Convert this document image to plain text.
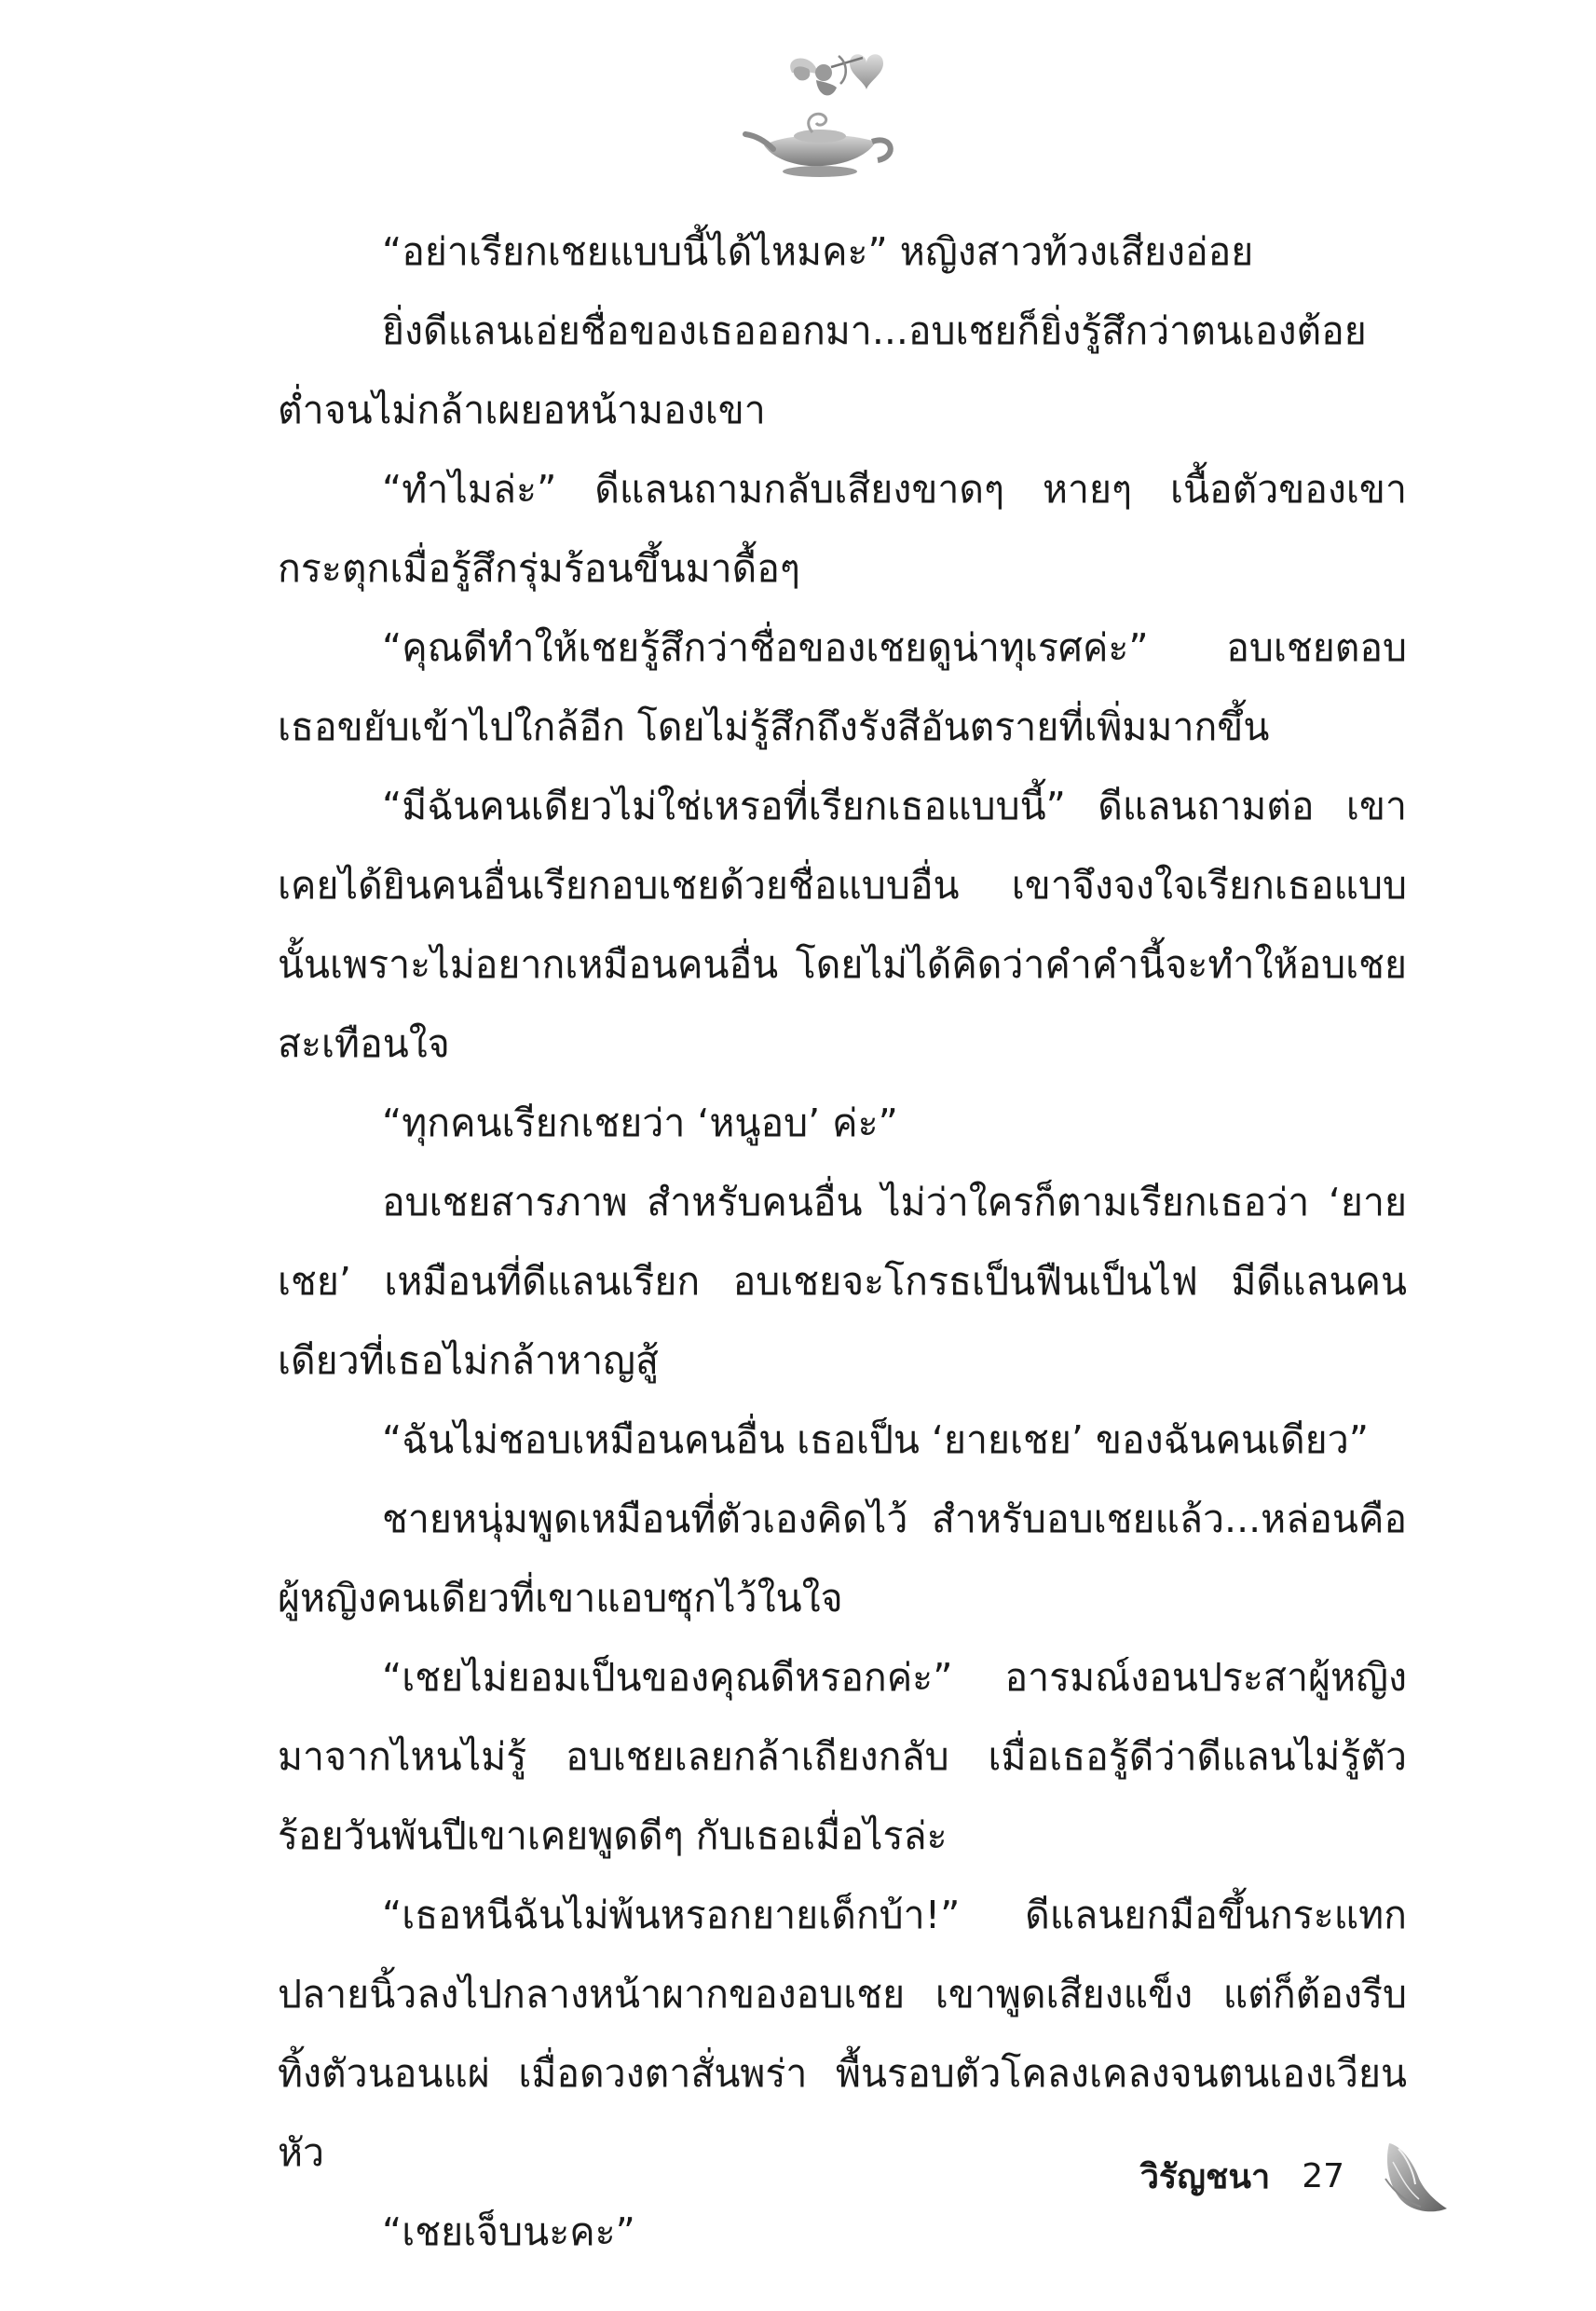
“อย่าเรียกเชยแบบนี้ได้ไหมคะ” หญิงสาวท้วงเสียงอ่อย

ยิ่งดีแลนเอ่ยชื่อของเธอออกมา...อบเชยก็ยิ่งรู้สึกว่าตนเองต้อยต่ำจนไม่กล้าเผยอหน้ามองเขา

“ทำไมล่ะ” ดีแลนถามกลับเสียงขาดๆ หายๆ เนื้อตัวของเขากระตุกเมื่อรู้สึกรุ่มร้อนขึ้นมาดื้อๆ

“คุณดีทำให้เชยรู้สึกว่าชื่อของเชยดูน่าทุเรศค่ะ” อบเชยตอบ เธอขยับเข้าไปใกล้อีก โดยไม่รู้สึกถึงรังสีอันตรายที่เพิ่มมากขึ้น

“มีฉันคนเดียวไม่ใช่เหรอที่เรียกเธอแบบนี้” ดีแลนถามต่อ เขาเคยได้ยินคนอื่นเรียกอบเชยด้วยชื่อแบบอื่น เขาจึงจงใจเรียกเธอแบบนั้นเพราะไม่อยากเหมือนคนอื่น โดยไม่ได้คิดว่าคำคำนี้จะทำให้อบเชยสะเทือนใจ

“ทุกคนเรียกเชยว่า ‘หนูอบ’ ค่ะ”

อบเชยสารภาพ สำหรับคนอื่น ไม่ว่าใครก็ตามเรียกเธอว่า ‘ยายเชย’ เหมือนที่ดีแลนเรียก อบเชยจะโกรธเป็นฟืนเป็นไฟ มีดีแลนคนเดียวที่เธอไม่กล้าหาญสู้

“ฉันไม่ชอบเหมือนคนอื่น เธอเป็น ‘ยายเชย’ ของฉันคนเดียว”

ชายหนุ่มพูดเหมือนที่ตัวเองคิดไว้ สำหรับอบเชยแล้ว...หล่อนคือผู้หญิงคนเดียวที่เขาแอบซุกไว้ในใจ

“เชยไม่ยอมเป็นของคุณดีหรอกค่ะ” อารมณ์งอนประสาผู้หญิงมาจากไหนไม่รู้ อบเชยเลยกล้าเถียงกลับ เมื่อเธอรู้ดีว่าดีแลนไม่รู้ตัวร้อยวันพันปีเขาเคยพูดดีๆ กับเธอเมื่อไรล่ะ

“เธอหนีฉันไม่พ้นหรอกยายเด็กบ้า!” ดีแลนยกมือขึ้นกระแทกปลายนิ้วลงไปกลางหน้าผากของอบเชย เขาพูดเสียงแข็ง แต่ก็ต้องรีบทิ้งตัวนอนแผ่ เมื่อดวงตาสั่นพร่า พื้นรอบตัวโคลงเคลงจนตนเองเวียนหัว

“เชยเจ็บนะคะ”

วิรัญชนา 27
